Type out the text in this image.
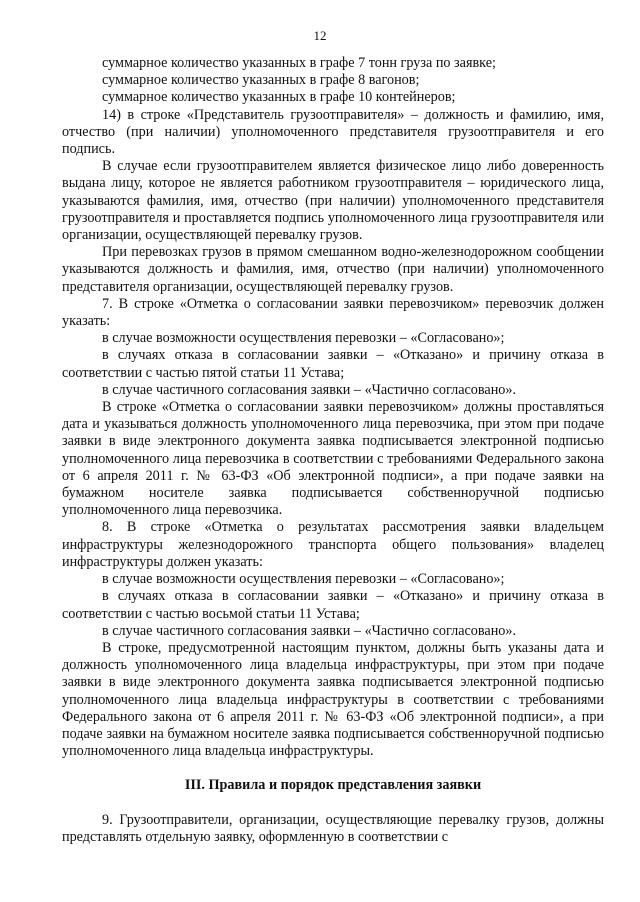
12

суммарное количество указанных в графе 7 тонн груза по заявке;

суммарное количество указанных в графе 8 вагонов;

суммарное количество указанных в графе 10 контейнеров;

14) в строке «Представитель грузоотправителя» – должность и фамилию, имя, отчество (при наличии) уполномоченного представителя грузоотправителя и его подпись.

В случае если грузоотправителем является физическое лицо либо доверенность выдана лицу, которое не является работником грузоотправителя – юридического лица, указываются фамилия, имя, отчество (при наличии) уполномоченного представителя грузоотправителя и проставляется подпись уполномоченного лица грузоотправителя или организации, осуществляющей перевалку грузов.

При перевозках грузов в прямом смешанном водно-железнодорожном сообщении указываются должность и фамилия, имя, отчество (при наличии) уполномоченного представителя организации, осуществляющей перевалку грузов.

7. В строке «Отметка о согласовании заявки перевозчиком» перевозчик должен указать:

в случае возможности осуществления перевозки – «Согласовано»;

в случаях отказа в согласовании заявки – «Отказано» и причину отказа в соответствии с частью пятой статьи 11 Устава;

в случае частичного согласования заявки – «Частично согласовано».

В строке «Отметка о согласовании заявки перевозчиком» должны проставляться дата и указываться должность уполномоченного лица перевозчика, при этом при подаче заявки в виде электронного документа заявка подписывается электронной подписью уполномоченного лица перевозчика в соответствии с требованиями Федерального закона от 6 апреля 2011 г. № 63-ФЗ «Об электронной подписи», а при подаче заявки на бумажном носителе заявка подписывается собственноручной подписью уполномоченного лица перевозчика.

8. В строке «Отметка о результатах рассмотрения заявки владельцем инфраструктуры железнодорожного транспорта общего пользования» владелец инфраструктуры должен указать:

в случае возможности осуществления перевозки – «Согласовано»;

в случаях отказа в согласовании заявки – «Отказано» и причину отказа в соответствии с частью восьмой статьи 11 Устава;

в случае частичного согласования заявки – «Частично согласовано».

В строке, предусмотренной настоящим пунктом, должны быть указаны дата и должность уполномоченного лица владельца инфраструктуры, при этом при подаче заявки в виде электронного документа заявка подписывается электронной подписью уполномоченного лица владельца инфраструктуры в соответствии с требованиями Федерального закона от 6 апреля 2011 г. № 63-ФЗ «Об электронной подписи», а при подаче заявки на бумажном носителе заявка подписывается собственноручной подписью уполномоченного лица владельца инфраструктуры.

III. Правила и порядок представления заявки

9. Грузоотправители, организации, осуществляющие перевалку грузов, должны представлять отдельную заявку, оформленную в соответствии с
